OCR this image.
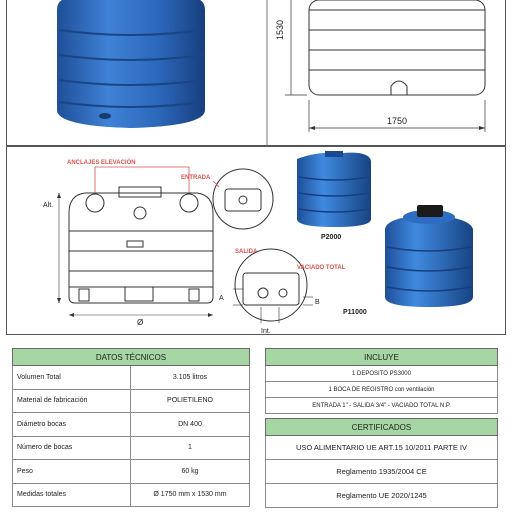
1530
1750
ANCLAJES ELEVACIÓN
ENTRADA
SALIDA
VACIADO TOTAL
Alt.
Ø
A
B
Int.
P2000
P11000
DATOS TÉCNICOS	
Volumen Total	3.105 litros
Material de fabricación	POLIETILENO
Diámetro bocas	DN 400
Número de bocas	1
Peso	60 kg
Medidas totales	Ø 1750 mm x 1530 mm
INCLUYE
1 DEPOSITO PS3000
1 BOCA DE REGISTRO con ventilación
ENTRADA 1" - SALIDA 3/4" - VACIADO TOTAL N.P.
CERTIFICADOS
USO ALIMENTARIO UE ART.15 10/2011 PARTE IV
Reglamento 1935/2004 CE
Reglamento UE 2020/1245
